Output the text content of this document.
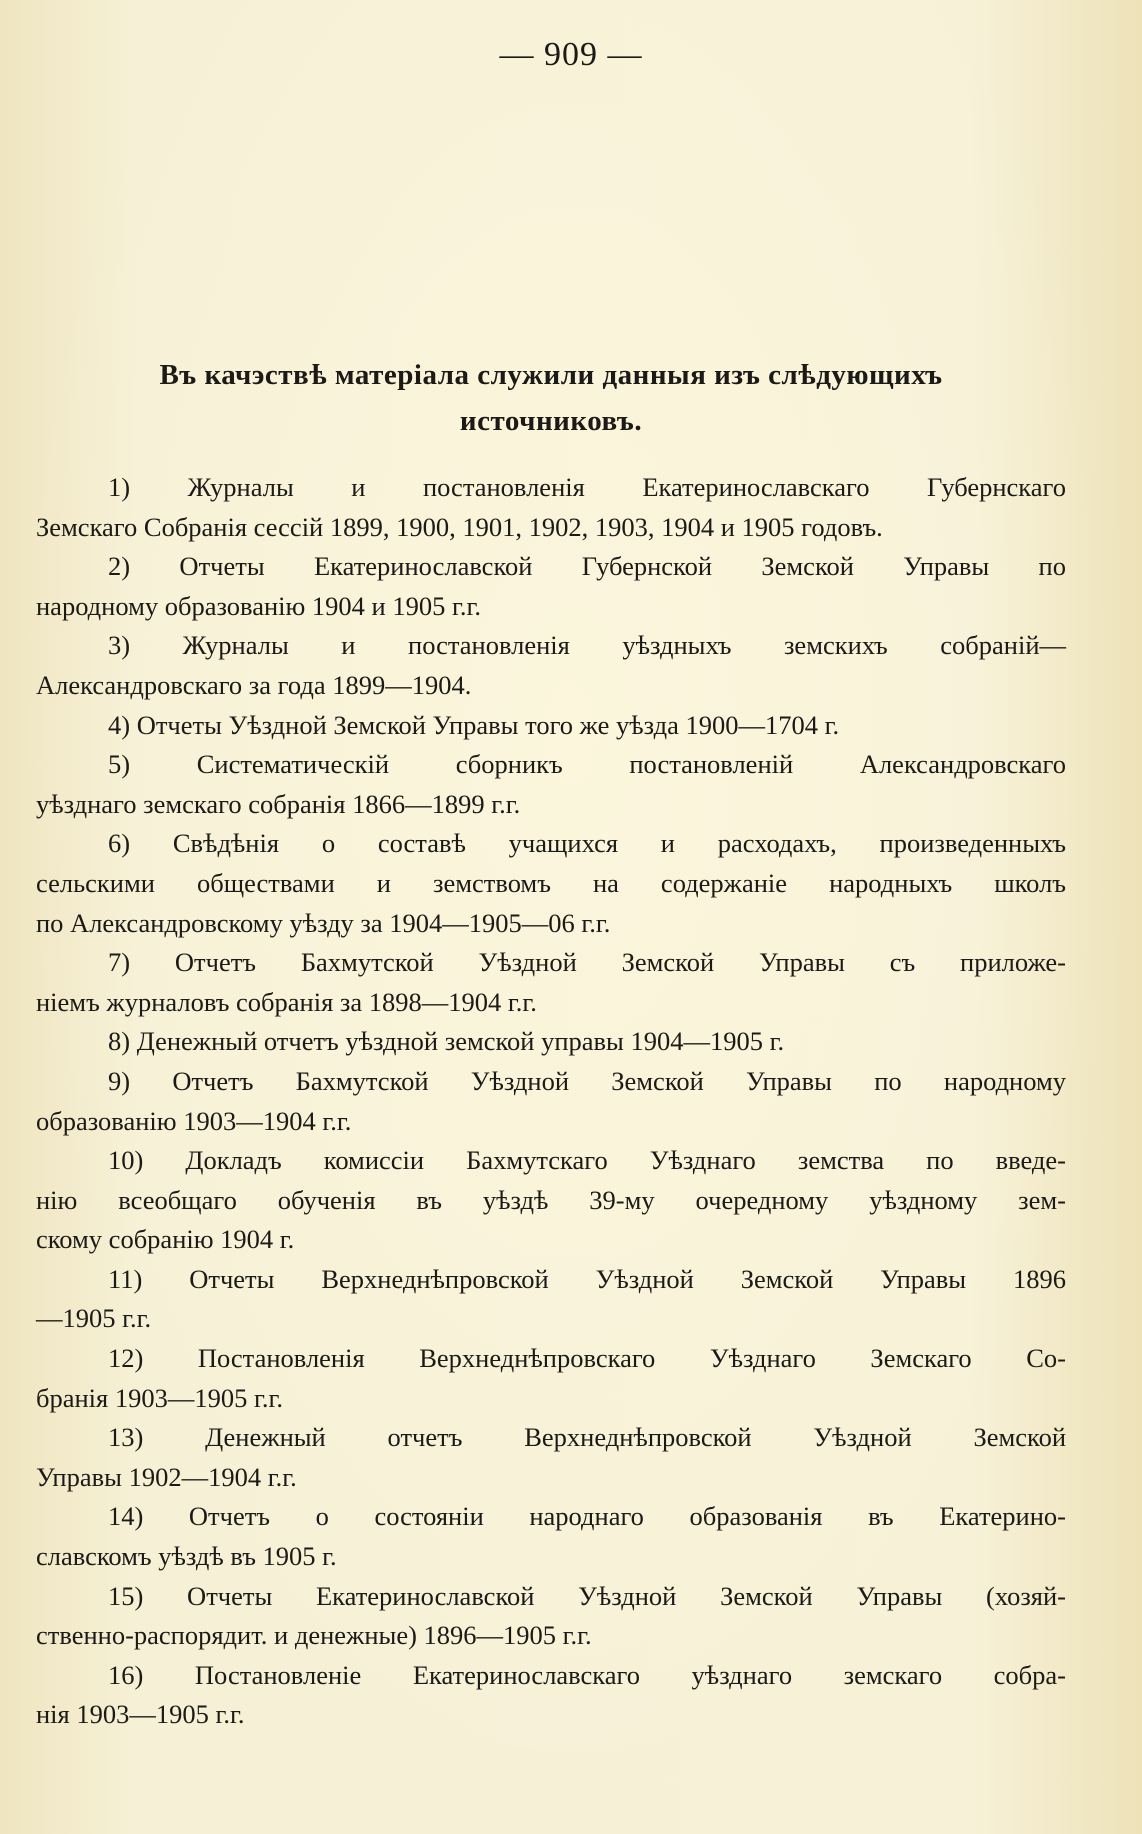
— 909 —
Въ качэствѣ матеріала служили данныя изъ слѣдующихъ
источниковъ.

1) Журналы и постановленія Екатеринославскаго Губернскаго
Земскаго Собранія сессій 1899, 1900, 1901, 1902, 1903, 1904 и 1905 годовъ.

2) Отчеты Екатеринославской Губернской Земской Управы по
народному образованію 1904 и 1905 г.г.

3) Журналы и постановленія уѣздныхъ земскихъ собраній—
Александровскаго за года 1899—1904.

4) Отчеты Уѣздной Земской Управы того же уѣзда 1900—1704 г.

5) Систематическій сборникъ постановленій Александровскаго
уѣзднаго земскаго собранія 1866—1899 г.г.

6) Свѣдѣнія о составѣ учащихся и расходахъ, произведенныхъ
сельскими обществами и земствомъ на содержаніе народныхъ школъ
по Александровскому уѣзду за 1904—1905—06 г.г.

7) Отчетъ Бахмутской Уѣздной Земской Управы съ приложе-
ніемъ журналовъ собранія за 1898—1904 г.г.

8) Денежный отчетъ уѣздной земской управы 1904—1905 г.

9) Отчетъ Бахмутской Уѣздной Земской Управы по народному
образованію 1903—1904 г.г.

10) Докладъ комиссіи Бахмутскаго Уѣзднаго земства по введе-
нію всеобщаго обученія въ уѣздѣ 39-му очередному уѣздному зем-
скому собранію 1904 г.

11) Отчеты Верхнеднѣпровской Уѣздной Земской Управы 1896
—1905 г.г.

12) Постановленія Верхнеднѣпровскаго Уѣзднаго Земскаго Со-
бранія 1903—1905 г.г.

13) Денежный отчетъ Верхнеднѣпровской Уѣздной Земской
Управы 1902—1904 г.г.

14) Отчетъ о состояніи народнаго образованія въ Екатерино-
славскомъ уѣздѣ въ 1905 г.

15) Отчеты Екатеринославской Уѣздной Земской Управы (хозяй-
ственно-распорядит. и денежные) 1896—1905 г.г.

16) Постановленіе Екатеринославскаго уѣзднаго земскаго собра-
нія 1903—1905 г.г.
